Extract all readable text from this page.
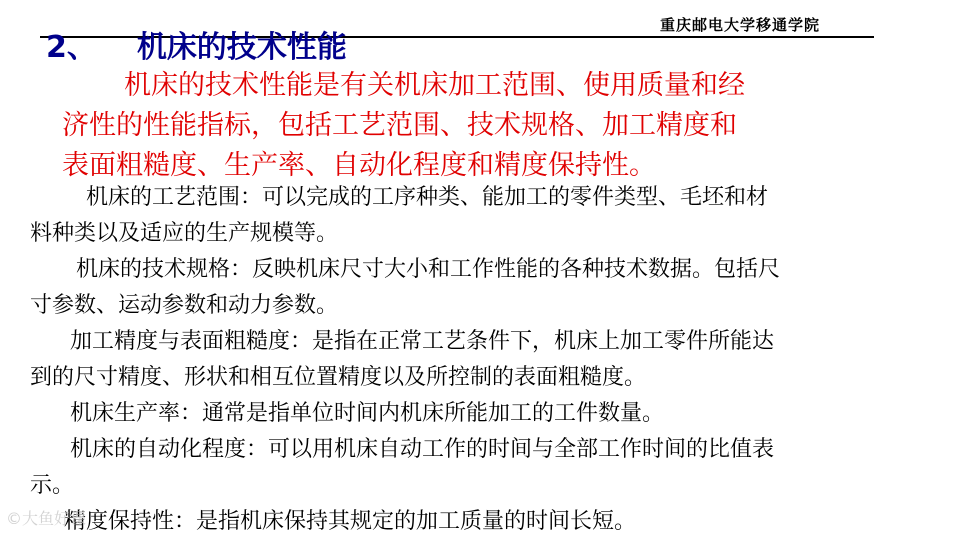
重庆邮电大学移通学院
2、 机床的技术性能
机床的技术性能是有关机床加工范围、使用质量和经
济性的性能指标，包括工艺范围、技术规格、加工精度和
表面粗糙度、生产率、自动化程度和精度保持性。
机床的工艺范围：可以完成的工序种类、能加工的零件类型、毛坯和材
料种类以及适应的生产规模等。
机床的技术规格：反映机床尺寸大小和工作性能的各种技术数据。包括尺
寸参数、运动参数和动力参数。
加工精度与表面粗糙度：是指在正常工艺条件下，机床上加工零件所能达
到的尺寸精度、形状和相互位置精度以及所控制的表面粗糙度。
机床生产率：通常是指单位时间内机床所能加工的工件数量。
机床的自动化程度：可以用机床自动工作的时间与全部工作时间的比值表
示。
精度保持性：是指机床保持其规定的加工质量的时间长短。
©大鱼好课
